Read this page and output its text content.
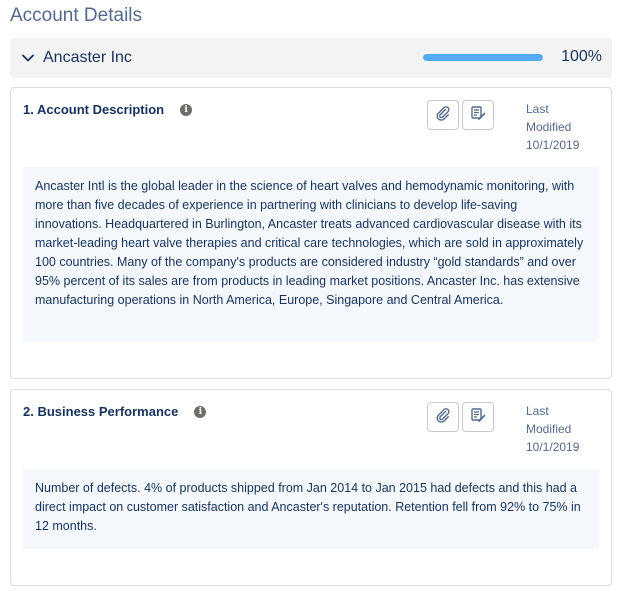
Account Details
Ancaster Inc	100%
1. Account Description	i	Last
Modified
10/1/2019
Ancaster Intl is the global leader in the science of heart valves and hemodynamic monitoring, with more than five decades of experience in partnering with clinicians to develop life-saving innovations. Headquartered in Burlington, Ancaster treats advanced cardiovascular disease with its market-leading heart valve therapies and critical care technologies, which are sold in approximately 100 countries. Many of the company's products are considered industry “gold standards” and over 95% percent of its sales are from products in leading market positions. Ancaster Inc. has extensive manufacturing operations in North America, Europe, Singapore and Central America.
2. Business Performance	i	Last
Modified
10/1/2019
Number of defects. 4% of products shipped from Jan 2014 to Jan 2015 had defects and this had a direct impact on customer satisfaction and Ancaster's reputation. Retention fell from 92% to 75% in 12 months.
